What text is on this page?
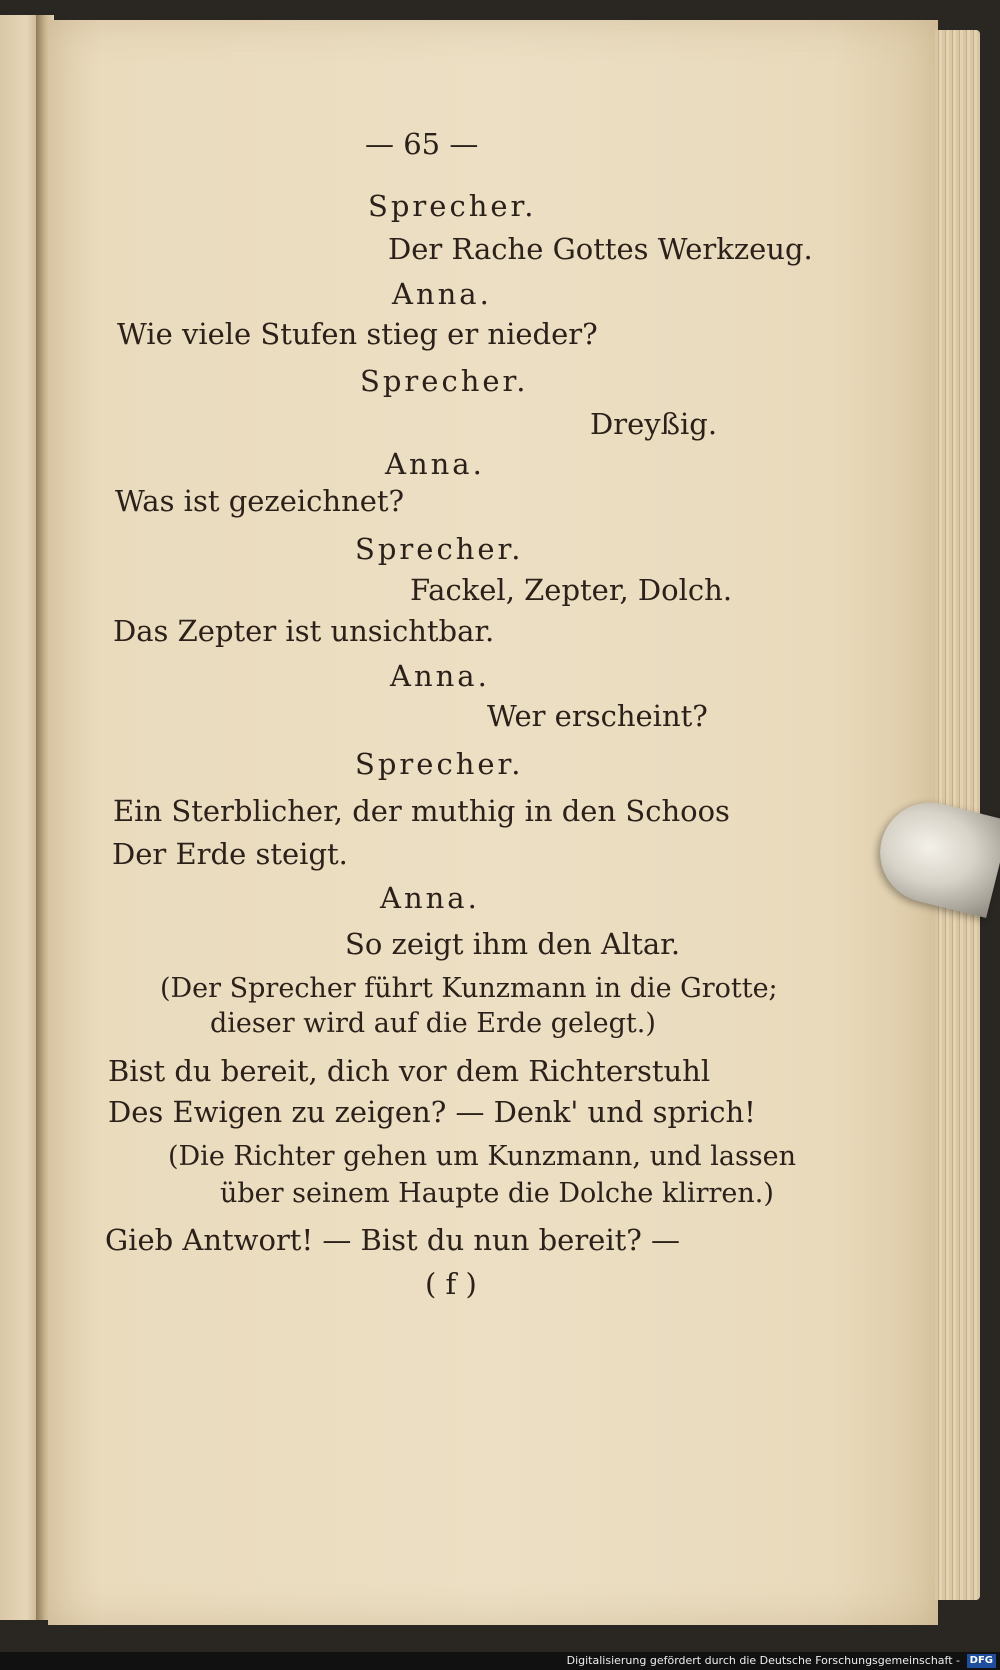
— 65 —
Sprecher.
Der Rache Gottes Werkzeug.
Anna.
Wie viele Stufen stieg er nieder?
Sprecher.
Dreyßig.
Anna.
Was ist gezeichnet?
Sprecher.
Fackel, Zepter, Dolch.
Das Zepter ist unsichtbar.
Anna.
Wer erscheint?
Sprecher.
Ein Sterblicher, der muthig in den Schoos
Der Erde steigt.
Anna.
So zeigt ihm den Altar.
(Der Sprecher führt Kunzmann in die Grotte;
dieser wird auf die Erde gelegt.)
Bist du bereit, dich vor dem Richterstuhl
Des Ewigen zu zeigen? — Denk' und sprich!
(Die Richter gehen um Kunzmann, und lassen
über seinem Haupte die Dolche klirren.)
Gieb Antwort! — Bist du nun bereit? —
( f )
Digitalisierung gefördert durch die Deutsche Forschungsgemeinschaft - DFG
